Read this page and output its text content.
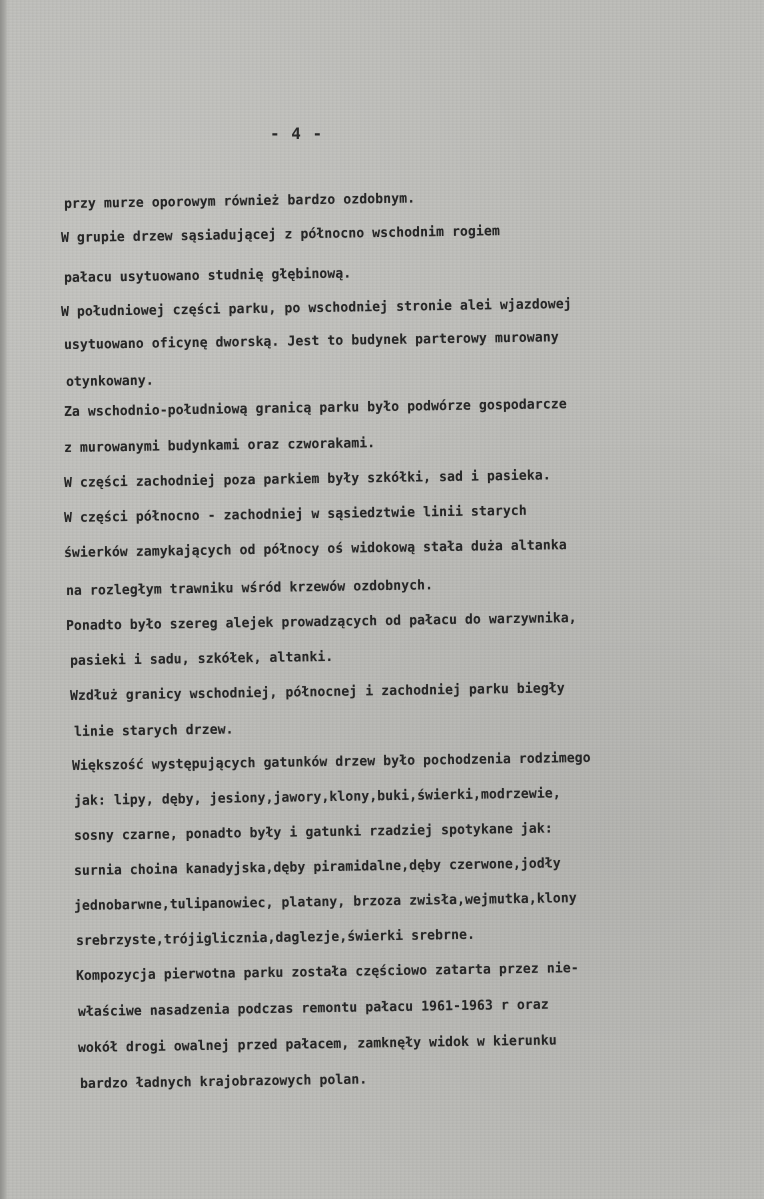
- 4 -
przy murze oporowym również bardzo ozdobnym.
W grupie drzew sąsiadującej z północno wschodnim rogiem
pałacu usytuowano studnię głębinową.
W południowej części parku, po wschodniej stronie alei wjazdowej
usytuowano oficynę dworską. Jest to budynek parterowy murowany
otynkowany.
Za wschodnio-południową granicą parku było podwórze gospodarcze
z murowanymi budynkami oraz czworakami.
W części zachodniej poza parkiem były szkółki, sad i pasieka.
W części północno - zachodniej w sąsiedztwie linii starych
świerków zamykających od północy oś widokową stała duża altanka
na rozległym trawniku wśród krzewów ozdobnych.
Ponadto było szereg alejek prowadzących od pałacu do warzywnika,
pasieki i sadu, szkółek, altanki.
Wzdłuż granicy wschodniej, północnej i zachodniej parku biegły
linie starych drzew.
Większość występujących gatunków drzew było pochodzenia rodzimego
jak: lipy, dęby, jesiony,jawory,klony,buki,świerki,modrzewie,
sosny czarne, ponadto były i gatunki rzadziej spotykane jak:
surnia choina kanadyjska,dęby piramidalne,dęby czerwone,jodły
jednobarwne,tulipanowiec, platany, brzoza zwisła,wejmutka,klony
srebrzyste,trójiglicznia,daglezje,świerki srebrne.
Kompozycja pierwotna parku została częściowo zatarta przez nie-
właściwe nasadzenia podczas remontu pałacu 1961-1963 r oraz
wokół drogi owalnej przed pałacem, zamknęły widok w kierunku
bardzo ładnych krajobrazowych polan.
